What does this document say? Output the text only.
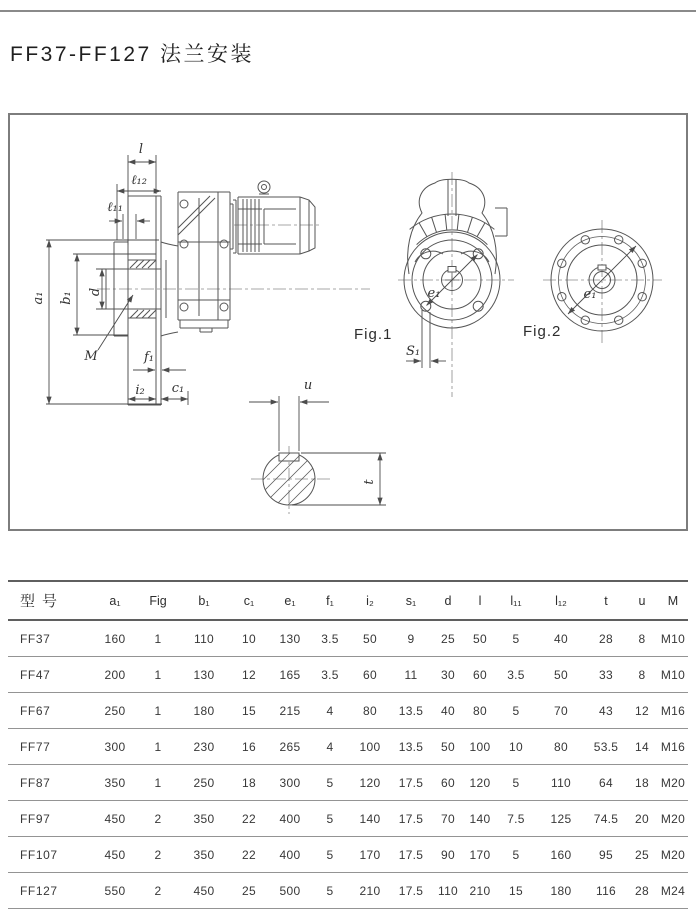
FF37-FF127 法兰安装
l
ℓ₁₂
ℓ₁₁
a₁ b₁ d
M	f₁
i₂ c₁
e₁
S₁
e₁
u
t
Fig.1	Fig.2
型号	a₁	Fig	b₁	c₁	e₁	f₁	i₂	s₁	d	l	l₁₁	l₁₂	t	u	M
FF37	160	1	110	10	130	3.5	50	9	25	50	5	40	28	8	M10
FF47	200	1	130	12	165	3.5	60	11	30	60	3.5	50	33	8	M10
FF67	250	1	180	15	215	4	80	13.5	40	80	5	70	43	12	M16
FF77	300	1	230	16	265	4	100	13.5	50	100	10	80	53.5	14	M16
FF87	350	1	250	18	300	5	120	17.5	60	120	5	110	64	18	M20
FF97	450	2	350	22	400	5	140	17.5	70	140	7.5	125	74.5	20	M20
FF107	450	2	350	22	400	5	170	17.5	90	170	5	160	95	25	M20
FF127	550	2	450	25	500	5	210	17.5	110	210	15	180	116	28	M24
